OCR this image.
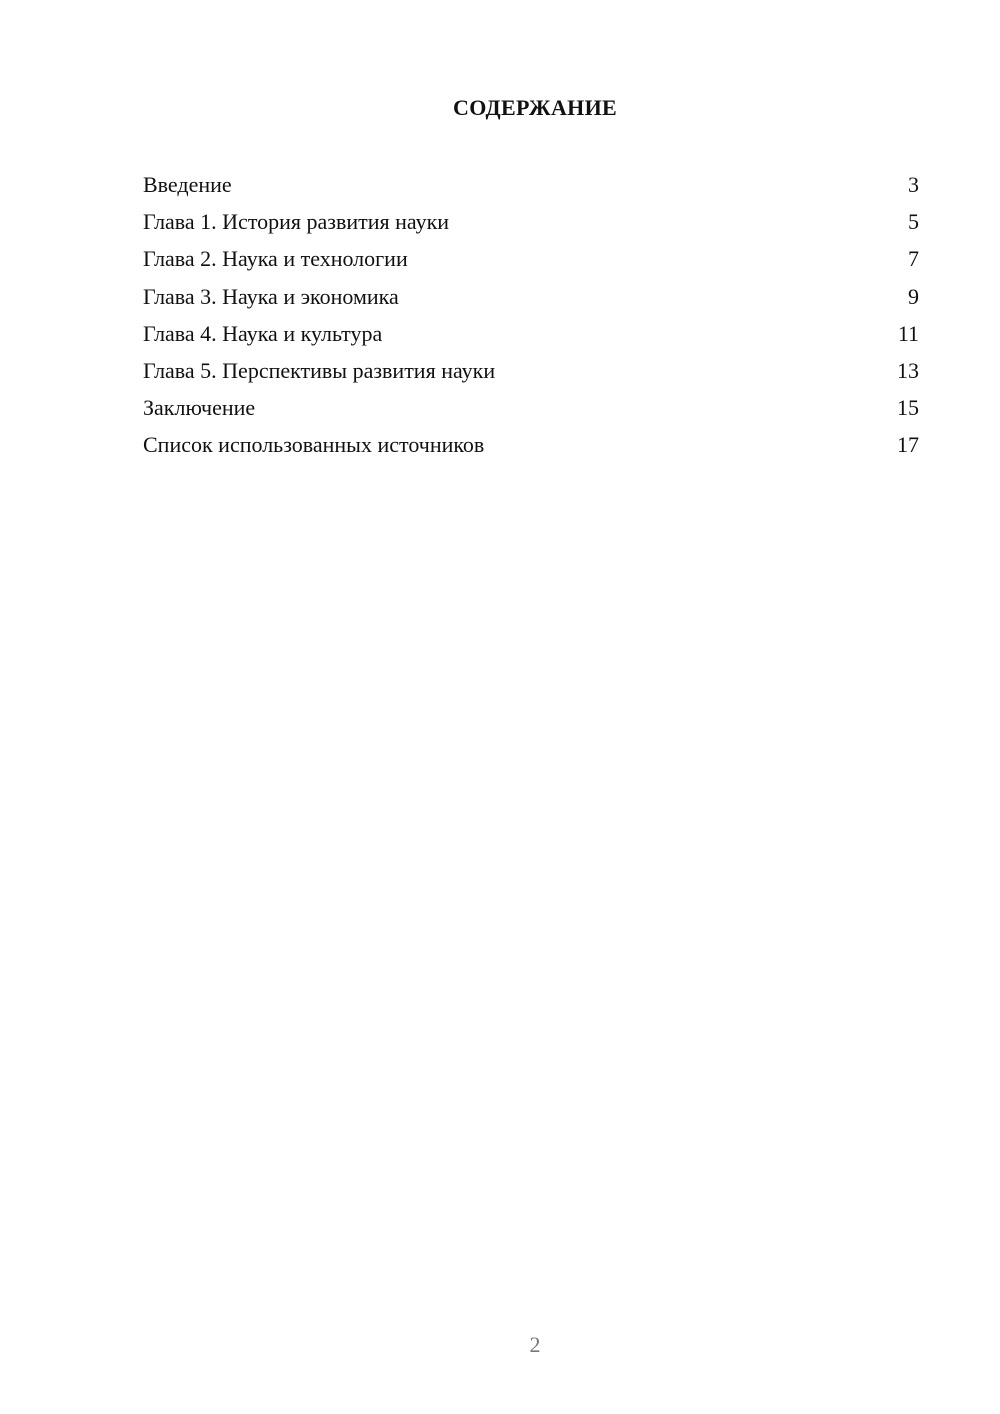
СОДЕРЖАНИЕ
Введение	3
Глава 1. История развития науки	5
Глава 2. Наука и технологии	7
Глава 3. Наука и экономика	9
Глава 4. Наука и культура	11
Глава 5. Перспективы развития науки	13
Заключение	15
Список использованных источников	17
2
